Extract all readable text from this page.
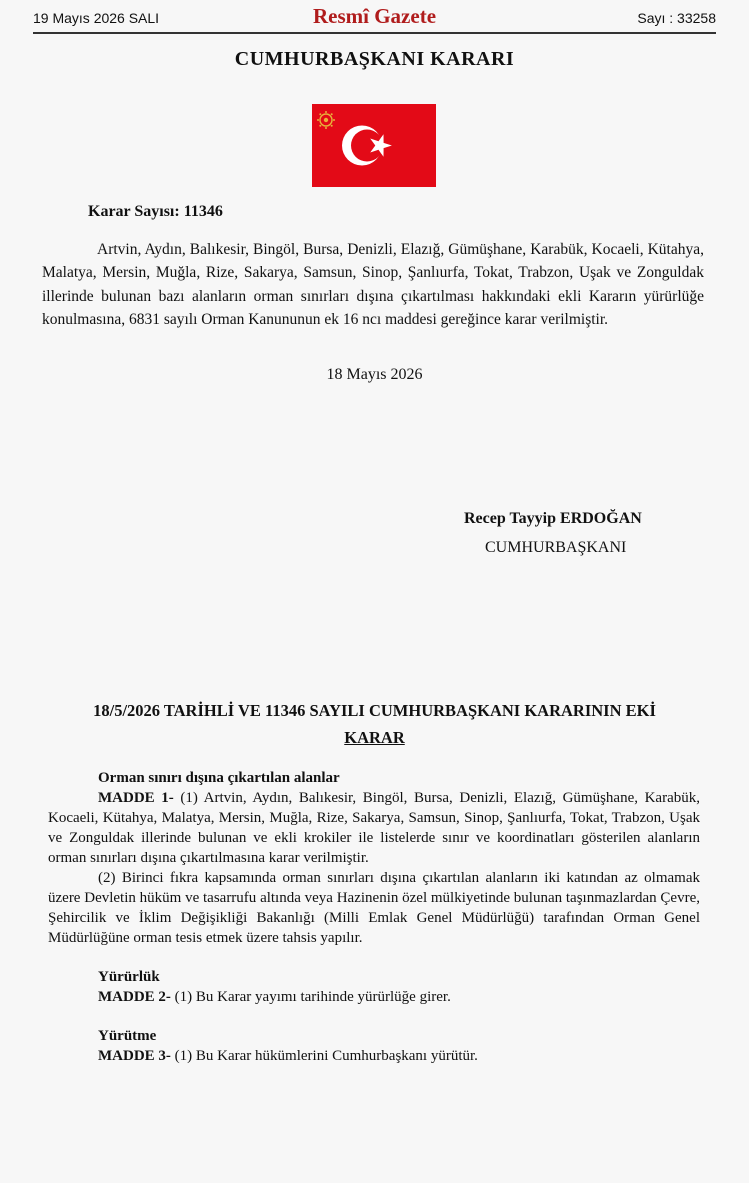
19 Mayıs 2026 SALI	Resmî Gazete	Sayı : 33258
CUMHURBAŞKANI KARARI
Karar Sayısı: 11346

Artvin, Aydın, Balıkesir, Bingöl, Bursa, Denizli, Elazığ, Gümüşhane, Karabük, Kocaeli, Kütahya, Malatya, Mersin, Muğla, Rize, Sakarya, Samsun, Sinop, Şanlıurfa, Tokat, Trabzon, Uşak ve Zonguldak illerinde bulunan bazı alanların orman sınırları dışına çıkartılması hakkındaki ekli Kararın yürürlüğe konulmasına, 6831 sayılı Orman Kanununun ek 16 ncı maddesi gereğince karar verilmiştir.

18 Mayıs 2026
Recep Tayyip ERDOĞAN
CUMHURBAŞKANI
18/5/2026 TARİHLİ VE 11346 SAYILI CUMHURBAŞKANI KARARININ EKİ
KARAR

Orman sınırı dışına çıkartılan alanlar

MADDE 1- (1) Artvin, Aydın, Balıkesir, Bingöl, Bursa, Denizli, Elazığ, Gümüşhane, Karabük, Kocaeli, Kütahya, Malatya, Mersin, Muğla, Rize, Sakarya, Samsun, Sinop, Şanlıurfa, Tokat, Trabzon, Uşak ve Zonguldak illerinde bulunan ve ekli krokiler ile listelerde sınır ve koordinatları gösterilen alanların orman sınırları dışına çıkartılmasına karar verilmiştir.

(2) Birinci fıkra kapsamında orman sınırları dışına çıkartılan alanların iki katından az olmamak üzere Devletin hüküm ve tasarrufu altında veya Hazinenin özel mülkiyetinde bulunan taşınmazlardan Çevre, Şehircilik ve İklim Değişikliği Bakanlığı (Milli Emlak Genel Müdürlüğü) tarafından Orman Genel Müdürlüğüne orman tesis etmek üzere tahsis yapılır.

Yürürlük

MADDE 2- (1) Bu Karar yayımı tarihinde yürürlüğe girer.

Yürütme

MADDE 3- (1) Bu Karar hükümlerini Cumhurbaşkanı yürütür.
